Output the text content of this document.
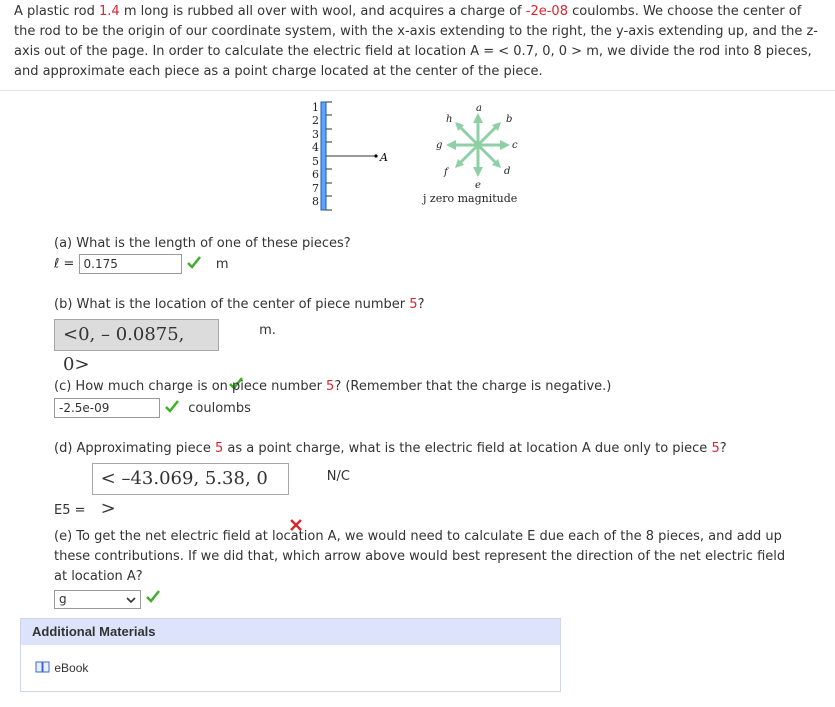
A plastic rod 1.4 m long is rubbed all over with wool, and acquires a charge of -2e-08 coulombs. We choose the center of the rod to be the origin of our coordinate system, with the x-axis extending to the right, the y-axis extending up, and the z-axis out of the page. In order to calculate the electric field at location A = < 0.7, 0, 0 > m, we divide the rod into 8 pieces, and approximate each piece as a point charge located at the center of the piece.
1
2
3
4
5
6
7
8
A
a
b
c
d
e
f
g
h
j zero magnitude
(a) What is the length of one of these pieces?
ℓ = 0.175	m
(b) What is the location of the center of piece number 5?
<0, – 0.0875, 0> m.
(c) How much charge is on piece number 5? (Remember that the charge is negative.)
-2.5e-09	coulombs
(d) Approximating piece 5 as a point charge, what is the electric field at location A due only to piece 5?
E5 = < –43.069, 5.38, 0 > N/C
(e) To get the net electric field at location A, we would need to calculate E due each of the 8 pieces, and add up these contributions. If we did that, which arrow above would best represent the direction of the net electric field at location A?
g

Additional Materials
eBook
